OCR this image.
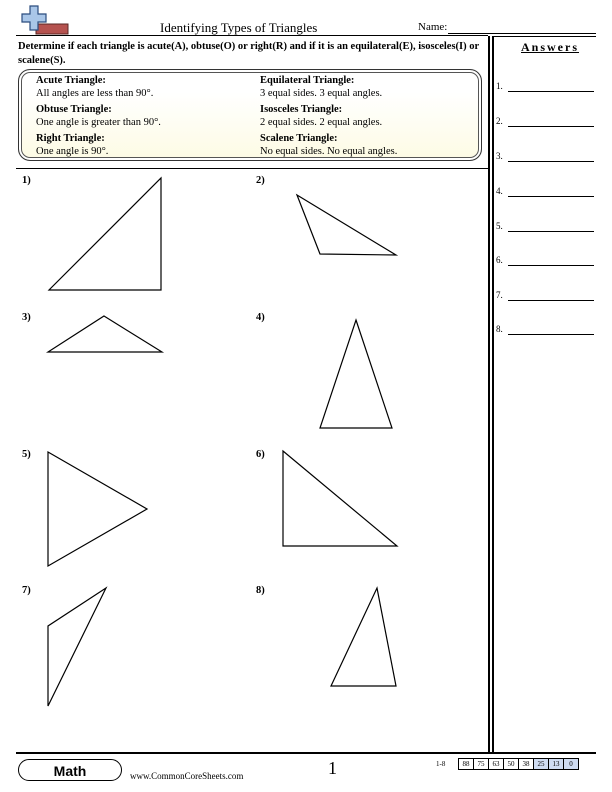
Identifying Types of Triangles	Name:
Determine if each triangle is acute(A), obtuse(O) or right(R) and if it is an equilateral(E), isosceles(I) or scalene(S).
Acute Triangle:
All angles are less than 90°.
Obtuse Triangle:
One angle is greater than 90°.
Right Triangle:
One angle is 90°.
Equilateral Triangle:
3 equal sides. 3 equal angles.
Isosceles Triangle:
2 equal sides. 2 equal angles.
Scalene Triangle:
No equal sides. No equal angles.
1)	2)
3)	4)
5)	6)
7)	8)
Answers
1.
2.
3.
4.
5.
6.
7.
8.
Math	www.CommonCoreSheets.com	1	1-8	88	75	63	50	38	25	13	0
